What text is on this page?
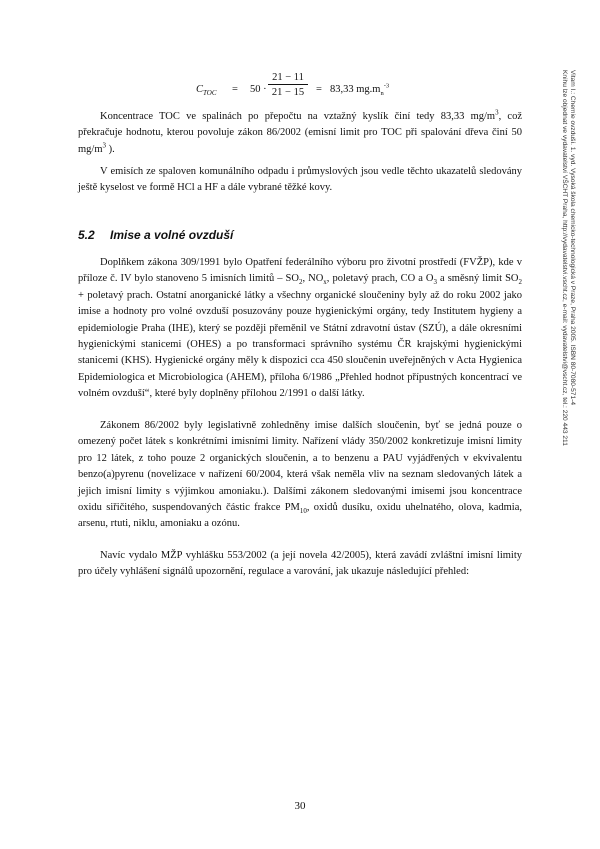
$C_{TOC} = 50 \cdot \frac{21 - 11}{21 - 15} = 83,33$ $mg.m_n^{-3}$

Koncentrace TOC ve spalinách po přepočtu na vztažný kyslík činí tedy 83,33 $mg/m^3$, což překračuje hodnotu, kterou povoluje zákon 86/2002 (emisní limit pro TOC při spalování dřeva činí 50 $mg/m^3$ ).

V emisích ze spaloven komunálního odpadu i průmyslových jsou vedle těchto ukazatelů sledovány ještě kyselost ve formě HCl a HF a dále vybrané těžké kovy.

5.2 Imise a volné ovzduší

Doplňkem zákona 309/1991 bylo Opatření federálního výboru pro životní prostředí (FVŽP), kde v příloze č. IV bylo stanoveno 5 imisních limitů – $SO_2$, $NO_x$, poletavý prach, CO a $O_3$ a směsný limit $SO_2$ + poletavý prach. Ostatní anorganické látky a všechny organické sloučeniny byly až do roku 2002 jako imise a hodnoty pro volné ovzduší posuzovány pouze hygienickými orgány, tedy Institutem hygieny a epidemiologie Praha (IHE), který se později přeměnil ve Státní zdravotní ústav (SZÚ), a dále okresními hygienickými stanicemi (OHES) a po transformaci správního systému ČR krajskými hygienickými stanicemi (KHS). Hygienické orgány měly k dispozici cca 450 sloučenin uveřejněných v Acta Hygienica Epidemiologica et Microbiologica (AHEM), příloha 6/1986 „Přehled hodnot přípustných koncentrací ve volném ovzduší“, které byly doplněny přílohou 2/1991 o další látky.

Zákonem 86/2002 byly legislativně zohledněny imise dalších sloučenin, byť se jedná pouze o omezený počet látek s konkrétními imisními limity. Nařízení vlády 350/2002 konkretizuje imisní limity pro 12 látek, z toho pouze 2 organických sloučenin, a to benzenu a PAU vyjádřených v ekvivalentu benzo(a)pyrenu (novelizace v nařízení 60/2004, která však neměla vliv na seznam sledovaných látek a jejich imisní limity s výjimkou amoniaku.). Dalšími zákonem sledovanými imisemi jsou koncentrace oxidu siřičitého, suspendovaných částic frakce $PM_{10}$, oxidů dusíku, oxidu uhelnatého, olova, kadmia, arsenu, rtuti, niklu, amoniaku a ozónu.

Navíc vydalo MŽP vyhlášku 553/2002 (a její novela 42/2005), která zavádí zvláštní imisní limity pro účely vyhlášení signálů upozornění, regulace a varování, jak ukazuje následující přehled:

30
Vitam I.: Chemie ovzduší. 1. vyd. Vysoká škola chemicko-technologická v Praze, Praha 2005. ISBN 80-7080-571-4
Knihu lze objednat ve vydavatelství VŠCHT Praha, http://vydavatelstvi.vscht.cz, e-mail: vydavatelstvi@vscht.cz, tel.: 220 443 211
